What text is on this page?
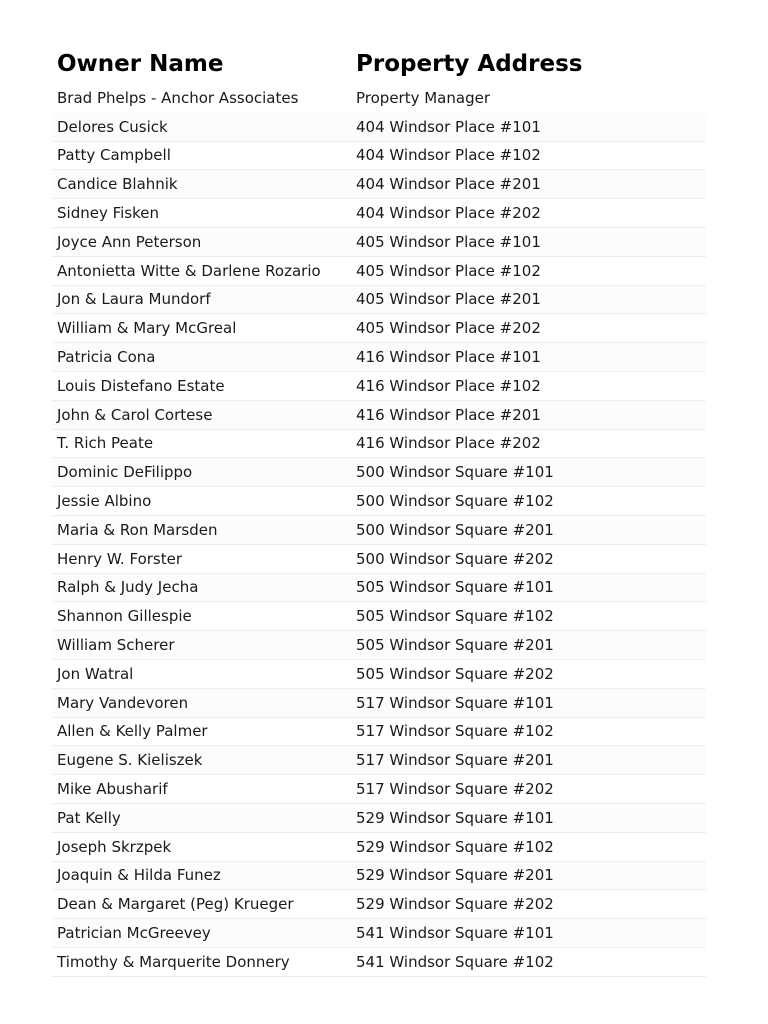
Owner Name	Property Address
Brad Phelps - Anchor Associates	Property Manager
Delores Cusick	404 Windsor Place #101
Patty Campbell	404 Windsor Place #102
Candice Blahnik	404 Windsor Place #201
Sidney Fisken	404 Windsor Place #202
Joyce Ann Peterson	405 Windsor Place #101
Antonietta Witte & Darlene Rozario	405 Windsor Place #102
Jon & Laura Mundorf	405 Windsor Place #201
William & Mary McGreal	405 Windsor Place #202
Patricia Cona	416 Windsor Place #101
Louis Distefano Estate	416 Windsor Place #102
John & Carol Cortese	416 Windsor Place #201
T. Rich Peate	416 Windsor Place #202
Dominic DeFilippo	500 Windsor Square #101
Jessie Albino	500 Windsor Square #102
Maria & Ron Marsden	500 Windsor Square #201
Henry W. Forster	500 Windsor Square #202
Ralph & Judy Jecha	505 Windsor Square #101
Shannon Gillespie	505 Windsor Square #102
William Scherer	505 Windsor Square #201
Jon Watral	505 Windsor Square #202
Mary Vandevoren	517 Windsor Square #101
Allen & Kelly Palmer	517 Windsor Square #102
Eugene S. Kieliszek	517 Windsor Square #201
Mike Abusharif	517 Windsor Square #202
Pat Kelly	529 Windsor Square #101
Joseph Skrzpek	529 Windsor Square #102
Joaquin & Hilda Funez	529 Windsor Square #201
Dean & Margaret (Peg) Krueger	529 Windsor Square #202
Patrician McGreevey	541 Windsor Square #101
Timothy & Marquerite Donnery	541 Windsor Square #102
